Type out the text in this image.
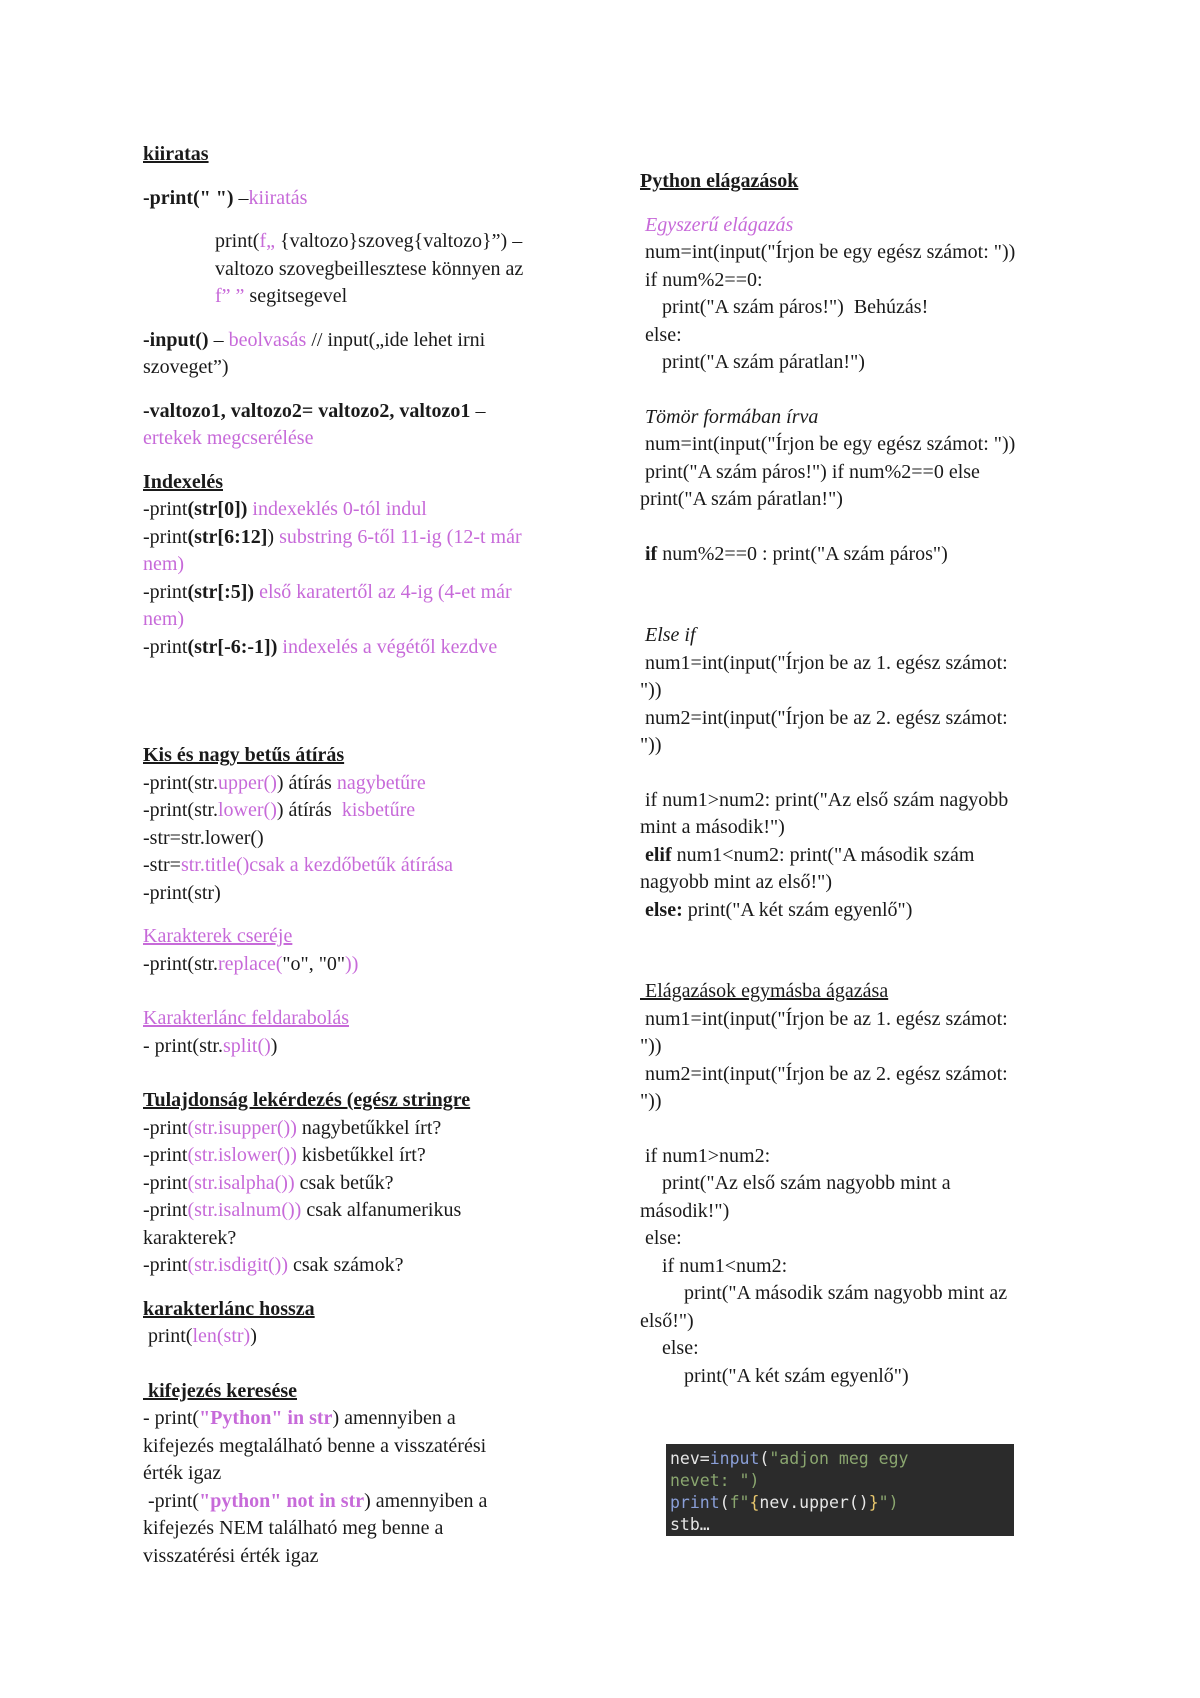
kiiratas
-print(" ") –kiiratás
print(f„ {valtozo}szoveg{valtozo}”) –
valtozo szovegbeillesztese könnyen az
f” ” segitsegevel
-input() – beolvasás // input(„ide lehet irni
szoveget”)
-valtozo1, valtozo2= valtozo2, valtozo1 –
ertekek megcserélése
Indexelés
-print(str[0]) indexeklés 0-tól indul
-print(str[6:12]) substring 6-től 11-ig (12-t már
nem)
-print(str[:5]) első karatertől az 4-ig (4-et már
nem)
-print(str[-6:-1]) indexelés a végétől kezdve
Kis és nagy betűs átírás
-print(str.upper()) átírás nagybetűre
-print(str.lower()) átírás  kisbetűre
-str=str.lower()
-str=str.title()csak a kezdőbetűk átírása
-print(str)
Karakterek cseréje
-print(str.replace("o", "0"))
Karakterlánc feldarabolás
- print(str.split())
Tulajdonság lekérdezés (egész stringre
-print(str.isupper()) nagybetűkkel írt?
-print(str.islower()) kisbetűkkel írt?
-print(str.isalpha()) csak betűk?
-print(str.isalnum()) csak alfanumerikus
karakterek?
-print(str.isdigit()) csak számok?
karakterlánc hossza
print(len(str))
kifejezés keresése
- print("Python" in str) amennyiben a
kifejezés megtalálható benne a visszatérési
érték igaz
-print("python" not in str) amennyiben a
kifejezés NEM található meg benne a
visszatérési érték igaz
Python elágazások
Egyszerű elágazás
num=int(input("Írjon be egy egész számot: "))
if num%2==0:
print("A szám páros!")  Behúzás!
else:
print("A szám páratlan!")
Tömör formában írva
num=int(input("Írjon be egy egész számot: "))
print("A szám páros!") if num%2==0 else
print("A szám páratlan!")
if num%2==0 : print("A szám páros")
Else if
num1=int(input("Írjon be az 1. egész számot:
"))
num2=int(input("Írjon be az 2. egész számot:
"))
if num1>num2: print("Az első szám nagyobb
mint a második!")
elif num1<num2: print("A második szám
nagyobb mint az első!")
else: print("A két szám egyenlő")
Elágazások egymásba ágazása
num1=int(input("Írjon be az 1. egész számot:
"))
num2=int(input("Írjon be az 2. egész számot:
"))
if num1>num2:
print("Az első szám nagyobb mint a
második!")
else:
if num1<num2:
print("A második szám nagyobb mint az
első!")
else:
print("A két szám egyenlő")
nev=input("adjon meg egy
nevet: ")
print(f"{nev.upper()}")
stb…
